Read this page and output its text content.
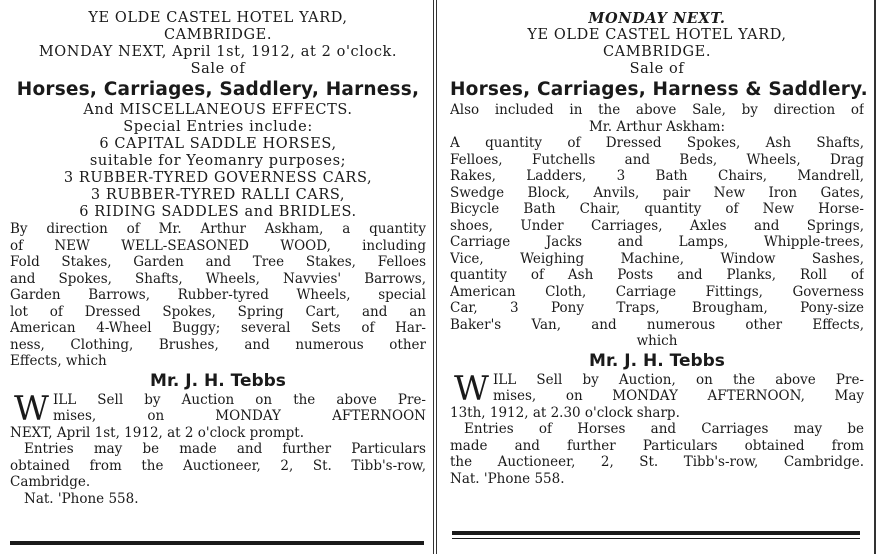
YE OLDE CASTEL HOTEL YARD,
CAMBRIDGE.
MONDAY NEXT, April 1st, 1912, at 2 o'clock.
Sale of
Horses, Carriages, Saddlery, Harness,
And MISCELLANEOUS EFFECTS.
Special Entries include:
6 CAPITAL SADDLE HORSES,
suitable for Yeomanry purposes;
3 RUBBER-TYRED GOVERNESS CARS,
3 RUBBER-TYRED RALLI CARS,
6 RIDING SADDLES and BRIDLES.
By direction of Mr. Arthur Askham, a quantity
of NEW WELL-SEASONED WOOD, including
Fold Stakes, Garden and Tree Stakes, Felloes
and Spokes, Shafts, Wheels, Navvies' Barrows,
Garden Barrows, Rubber-tyred Wheels, special
lot of Dressed Spokes, Spring Cart, and an
American 4-Wheel Buggy; several Sets of Har-
ness, Clothing, Brushes, and numerous other
Effects, which
Mr. J. H. Tebbs
W ILL Sell by Auction on the above Pre-
mises, on MONDAY AFTERNOON
NEXT, April 1st, 1912, at 2 o'clock prompt.
Entries may be made and further Particulars
obtained from the Auctioneer, 2, St. Tibb's-row,
Cambridge.
Nat. 'Phone 558.
MONDAY NEXT.
YE OLDE CASTEL HOTEL YARD,
CAMBRIDGE.
Sale of
Horses, Carriages, Harness & Saddlery.
Also included in the above Sale, by direction of
Mr. Arthur Askham:
A quantity of Dressed Spokes, Ash Shafts,
Felloes, Futchells and Beds, Wheels, Drag
Rakes, Ladders, 3 Bath Chairs, Mandrell,
Swedge Block, Anvils, pair New Iron Gates,
Bicycle Bath Chair, quantity of New Horse-
shoes, Under Carriages, Axles and Springs,
Carriage Jacks and Lamps, Whipple-trees,
Vice, Weighing Machine, Window Sashes,
quantity of Ash Posts and Planks, Roll of
American Cloth, Carriage Fittings, Governess
Car, 3 Pony Traps, Brougham, Pony-size
Baker's Van, and numerous other Effects,
which
Mr. J. H. Tebbs
W ILL Sell by Auction, on the above Pre-
mises, on MONDAY AFTERNOON, May
13th, 1912, at 2.30 o'clock sharp.
Entries of Horses and Carriages may be
made and further Particulars obtained from
the Auctioneer, 2, St. Tibb's-row, Cambridge.
Nat. 'Phone 558.
